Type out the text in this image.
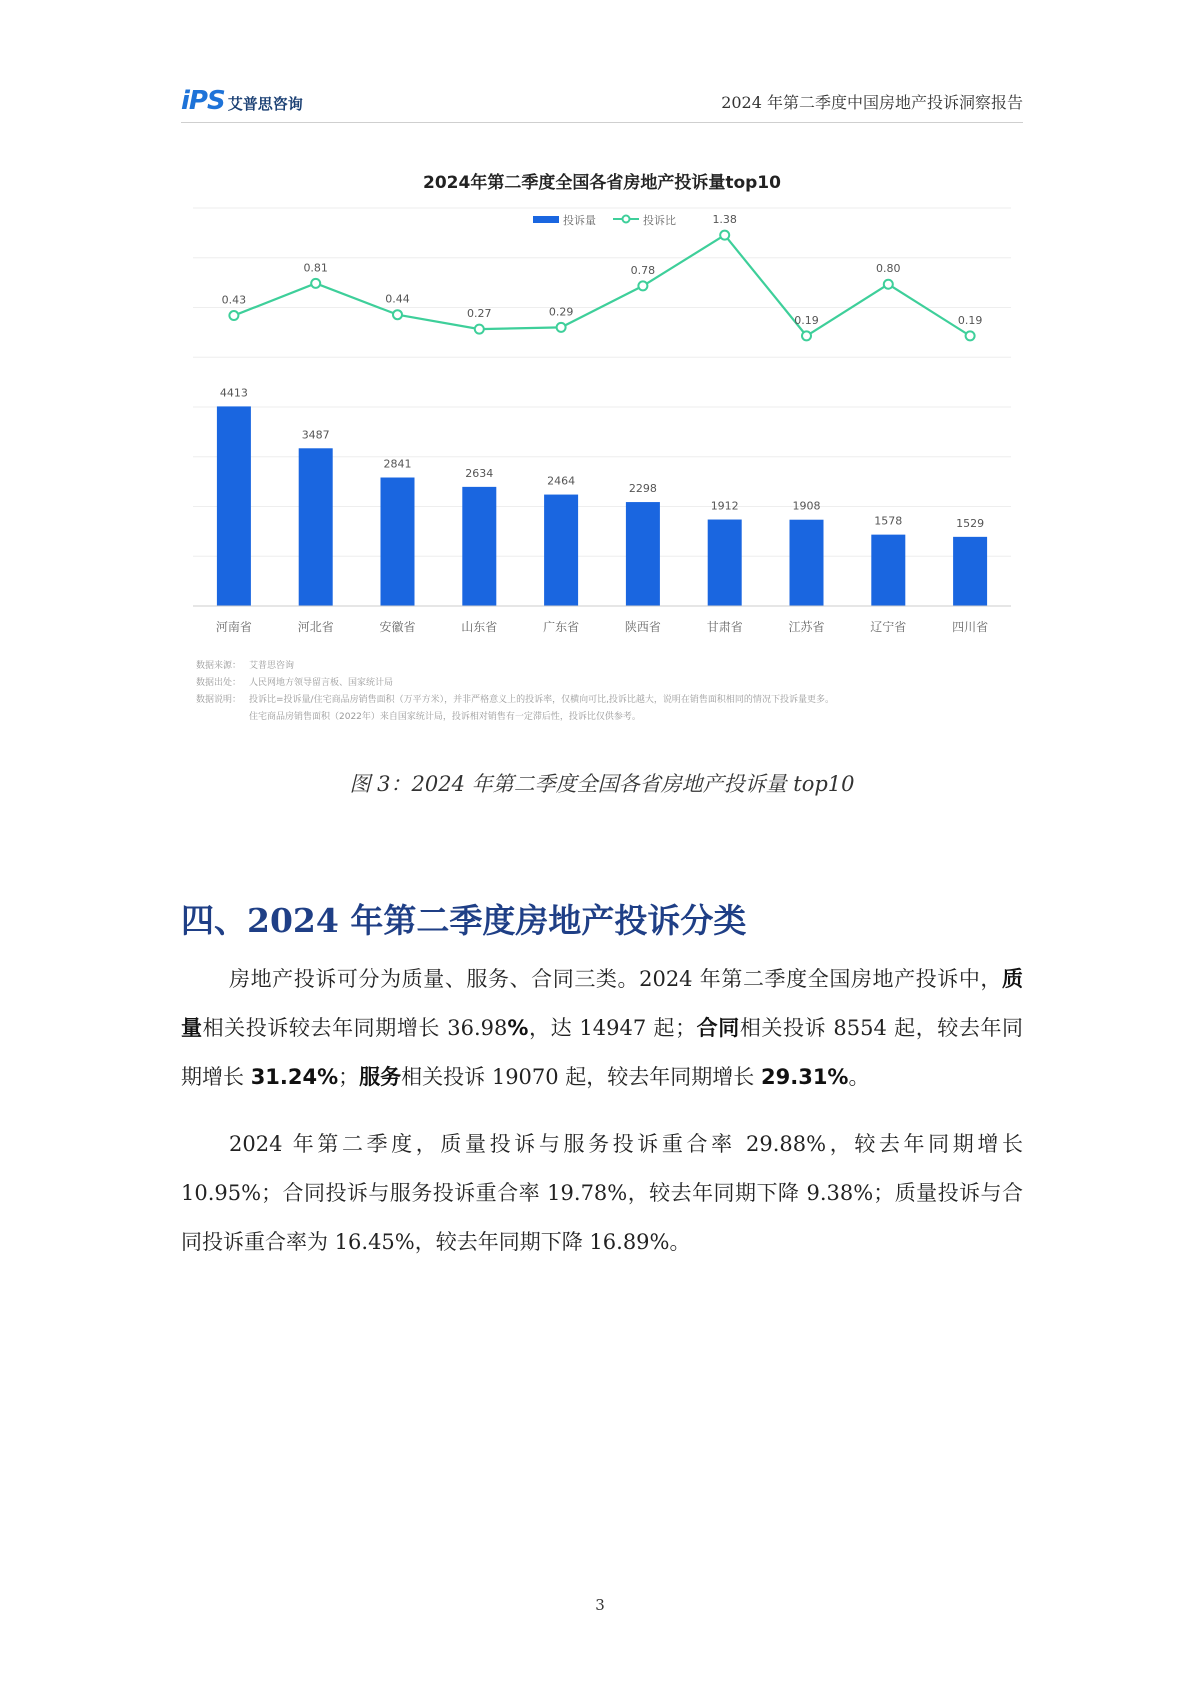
iPS 艾普思咨询	2024 年第二季度中国房地产投诉洞察报告
2024年第二季度全国各省房地产投诉量top10
投诉量	投诉比
4413
3487
2841
2634
2464
2298
1912	1908
1578	1529
0.43
0.81
0.44
0.27	0.29
0.78
1.38
0.19
0.80
0.19
河南省	河北省	安徽省	山东省	广东省	陕西省	甘肃省	江苏省	辽宁省	四川省
数据来源： 艾普思咨询
数据出处： 人民网地方领导留言板、国家统计局
数据说明： 投诉比=投诉量/住宅商品房销售面积（万平方米），并非严格意义上的投诉率，仅横向可比,投诉比越大，说明在销售面积相同的情况下投诉量更多。
住宅商品房销售面积（2022年）来自国家统计局，投诉相对销售有一定滞后性，投诉比仅供参考。
图 3：2024 年第二季度全国各省房地产投诉量 top10
四、2024 年第二季度房地产投诉分类

房地产投诉可分为质量、服务、合同三类。2024 年第二季度全国房地产投诉中，质量相关投诉较去年同期增长 36.98%，达 14947 起；合同相关投诉 8554 起，较去年同期增长 31.24%；服务相关投诉 19070 起，较去年同期增长 29.31%。

2024 年第二季度，质量投诉与服务投诉重合率 29.88%，较去年同期增长 10.95%；合同投诉与服务投诉重合率 19.78%，较去年同期下降 9.38%；质量投诉与合同投诉重合率为 16.45%，较去年同期下降 16.89%。

3
